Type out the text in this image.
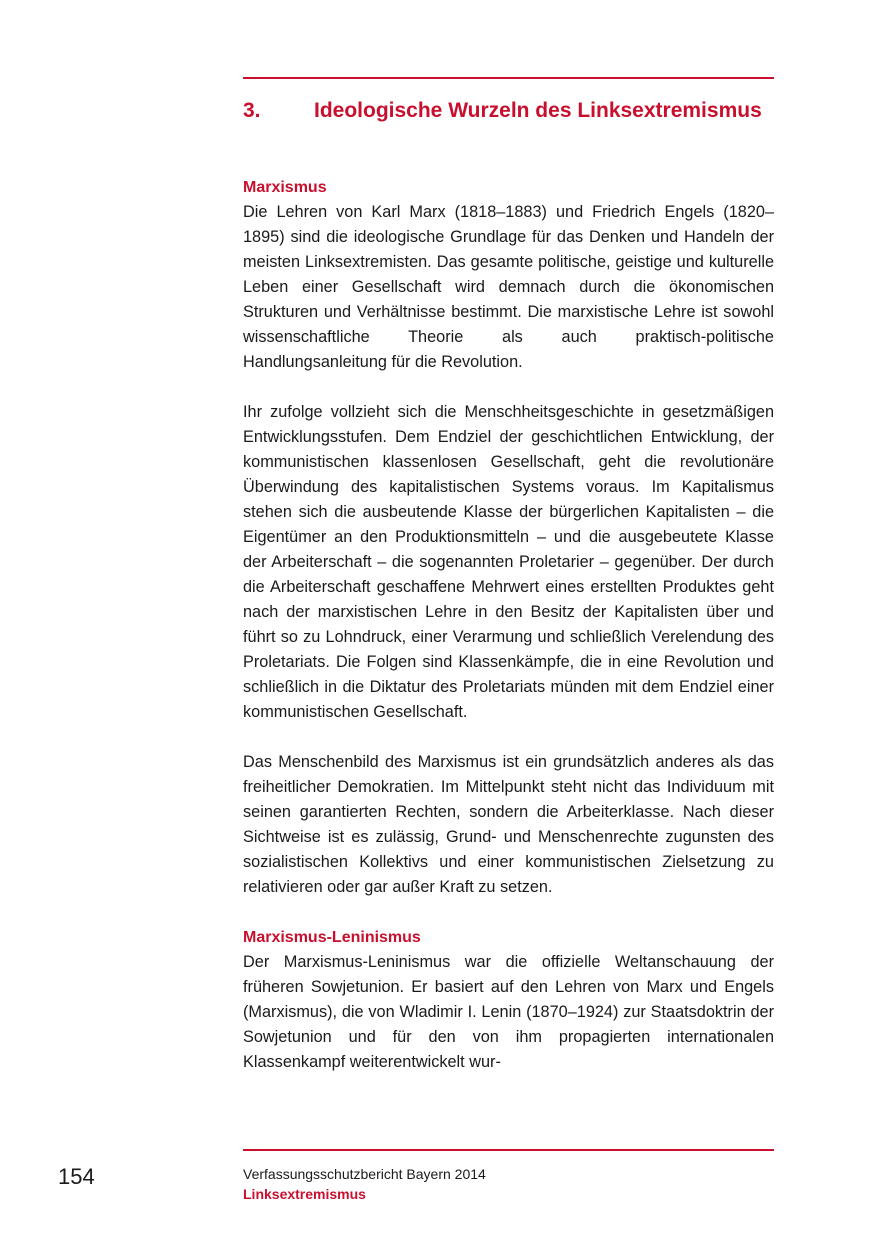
3.	Ideologische Wurzeln des Linksextremismus
Marxismus

Die Lehren von Karl Marx (1818–1883) und Friedrich Engels (1820–1895) sind die ideologische Grundlage für das Denken und Handeln der meisten Linksextremisten. Das gesamte politische, geistige und kulturelle Leben einer Gesellschaft wird demnach durch die ökonomischen Strukturen und Verhältnisse bestimmt. Die marxistische Lehre ist sowohl wissenschaftliche Theorie als auch praktisch-politische Handlungsanleitung für die Revolution.

Ihr zufolge vollzieht sich die Menschheitsgeschichte in gesetzmäßigen Entwicklungsstufen. Dem Endziel der geschichtlichen Entwicklung, der kommunistischen klassenlosen Gesellschaft, geht die revolutionäre Überwindung des kapitalistischen Systems voraus. Im Kapitalismus stehen sich die ausbeutende Klasse der bürgerlichen Kapitalisten – die Eigentümer an den Produktionsmitteln – und die ausgebeutete Klasse der Arbeiterschaft – die sogenannten Proletarier – gegenüber. Der durch die Arbeiterschaft geschaffene Mehrwert eines erstellten Produktes geht nach der marxistischen Lehre in den Besitz der Kapitalisten über und führt so zu Lohndruck, einer Verarmung und schließlich Verelendung des Proletariats. Die Folgen sind Klassenkämpfe, die in eine Revolution und schließlich in die Diktatur des Proletariats münden mit dem Endziel einer kommunistischen Gesellschaft.

Das Menschenbild des Marxismus ist ein grundsätzlich anderes als das freiheitlicher Demokratien. Im Mittelpunkt steht nicht das Individuum mit seinen garantierten Rechten, sondern die Arbeiterklasse. Nach dieser Sichtweise ist es zulässig, Grund- und Menschenrechte zugunsten des sozialistischen Kollektivs und einer kommunistischen Zielsetzung zu relativieren oder gar außer Kraft zu setzen.

Marxismus-Leninismus

Der Marxismus-Leninismus war die offizielle Weltanschauung der früheren Sowjetunion. Er basiert auf den Lehren von Marx und Engels (Marxismus), die von Wladimir I. Lenin (1870–1924) zur Staatsdoktrin der Sowjetunion und für den von ihm propagierten internationalen Klassenkampf weiterentwickelt wur-

154	Verfassungsschutzbericht Bayern 2014
Linksextremismus
